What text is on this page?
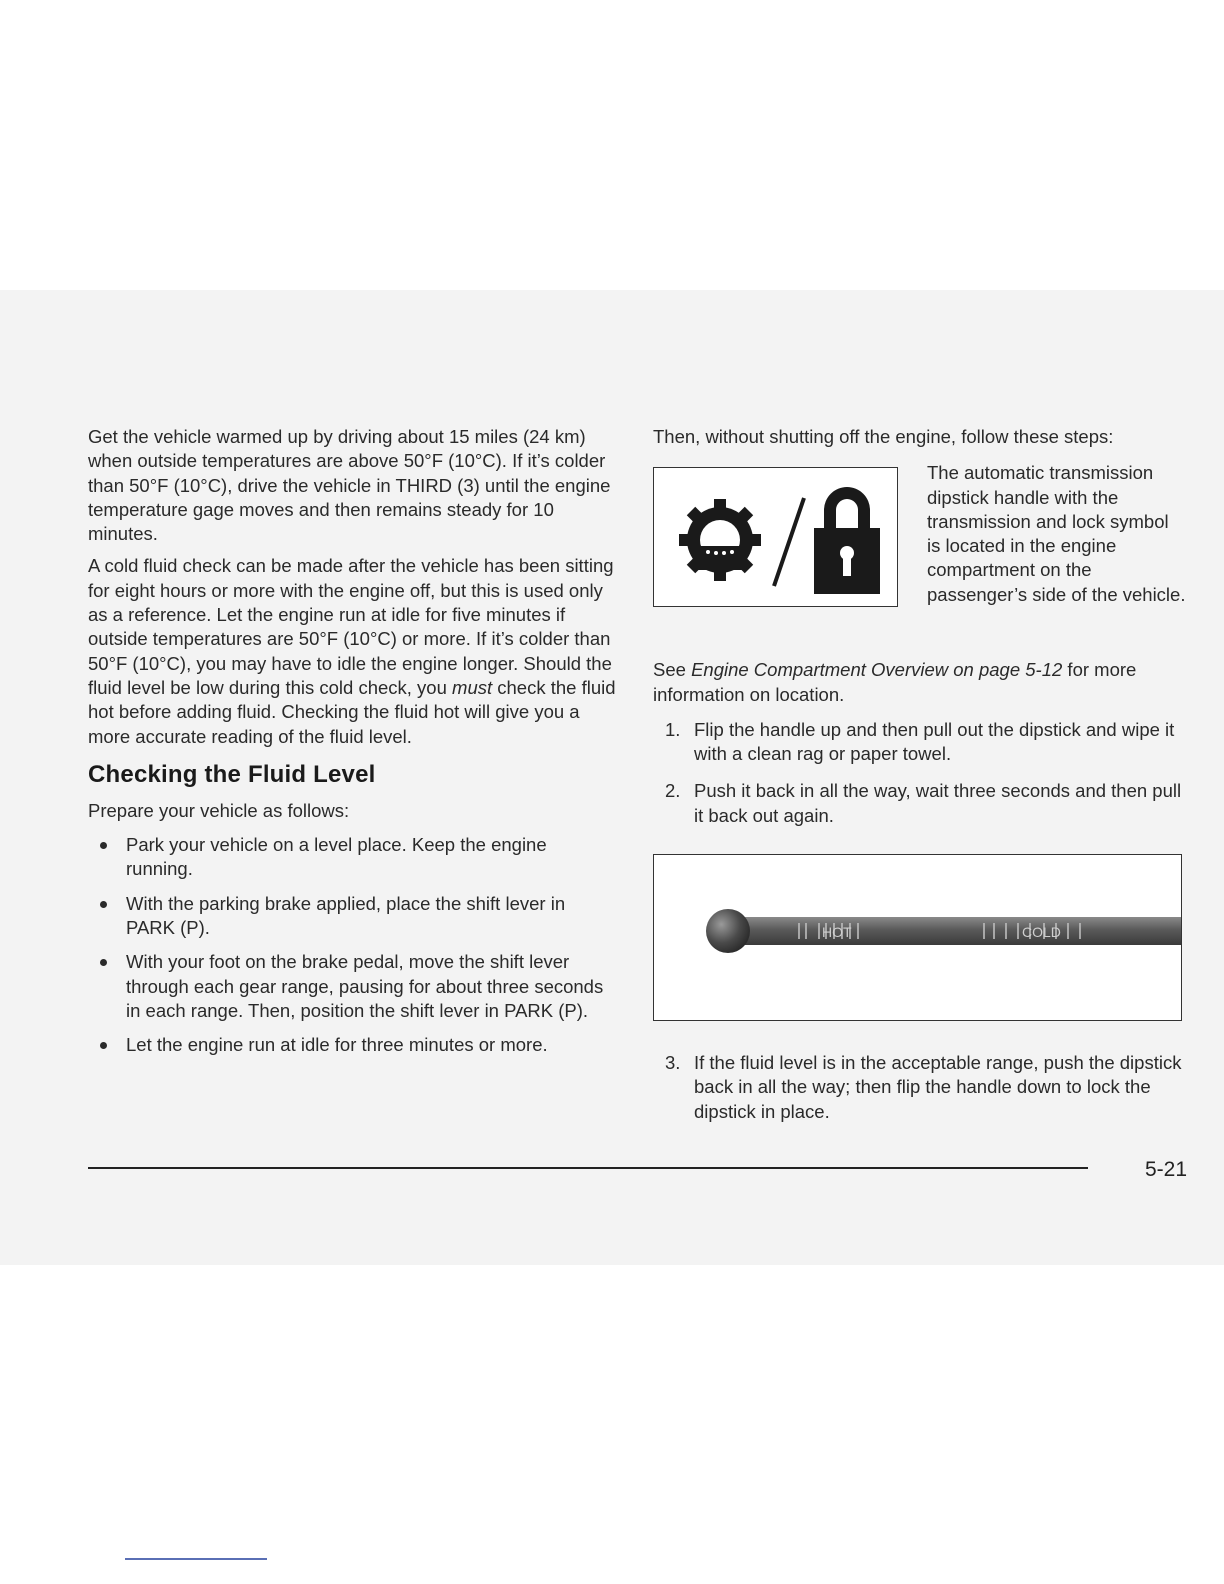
Get the vehicle warmed up by driving about 15 miles (24 km) when outside temperatures are above 50°F (10°C). If it’s colder than 50°F (10°C), drive the vehicle in THIRD (3) until the engine temperature gage moves and then remains steady for 10 minutes.

A cold fluid check can be made after the vehicle has been sitting for eight hours or more with the engine off, but this is used only as a reference. Let the engine run at idle for five minutes if outside temperatures are 50°F (10°C) or more. If it’s colder than 50°F (10°C), you may have to idle the engine longer. Should the fluid level be low during this cold check, you must check the fluid hot before adding fluid. Checking the fluid hot will give you a more accurate reading of the fluid level.

Checking the Fluid Level

Prepare your vehicle as follows:

Park your vehicle on a level place. Keep the engine running.
With the parking brake applied, place the shift lever in PARK (P).
With your foot on the brake pedal, move the shift lever through each gear range, pausing for about three seconds in each range. Then, position the shift lever in PARK (P).
Let the engine run at idle for three minutes or more.

Then, without shutting off the engine, follow these steps:

The automatic transmission dipstick handle with the transmission and lock symbol is located in the engine compartment on the passenger’s side of the vehicle.

See Engine Compartment Overview on page 5-12 for more information on location.

1. Flip the handle up and then pull out the dipstick and wipe it with a clean rag or paper towel.
2. Push it back in all the way, wait three seconds and then pull it back out again.
HOT	COLD
3. If the fluid level is in the acceptable range, push the dipstick back in all the way; then flip the handle down to lock the dipstick in place.
5-21
